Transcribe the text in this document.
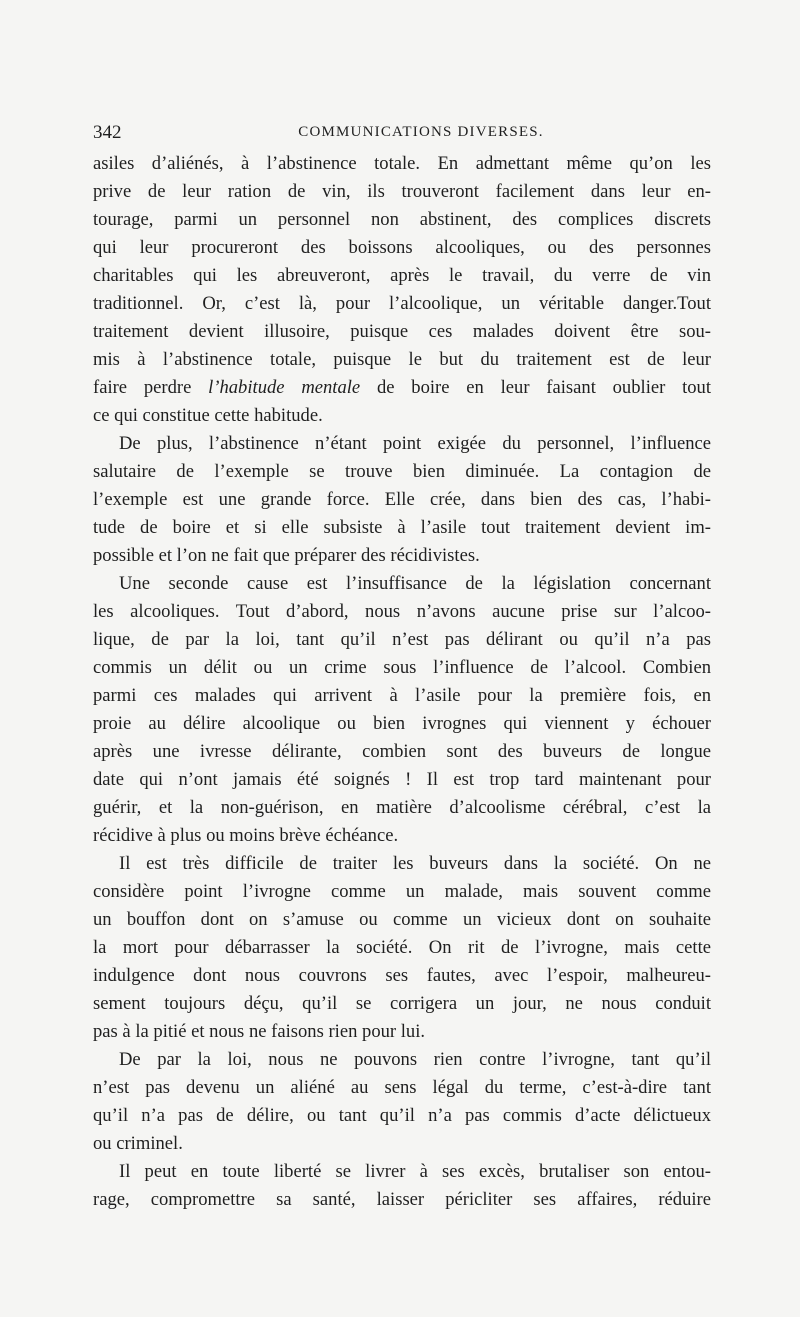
342	COMMUNICATIONS DIVERSES.
asiles d’aliénés, à l’abstinence totale. En admettant même qu’on les
prive de leur ration de vin, ils trouveront facilement dans leur en-
tourage, parmi un personnel non abstinent, des complices discrets
qui leur procureront des boissons alcooliques, ou des personnes
charitables qui les abreuveront, après le travail, du verre de vin
traditionnel. Or, c’est là, pour l’alcoolique, un véritable danger.Tout
traitement devient illusoire, puisque ces malades doivent être sou-
mis à l’abstinence totale, puisque le but du traitement est de leur
faire perdre l’habitude mentale de boire en leur faisant oublier tout
ce qui constitue cette habitude.
De plus, l’abstinence n’étant point exigée du personnel, l’influence
salutaire de l’exemple se trouve bien diminuée. La contagion de
l’exemple est une grande force. Elle crée, dans bien des cas, l’habi-
tude de boire et si elle subsiste à l’asile tout traitement devient im-
possible et l’on ne fait que préparer des récidivistes.
Une seconde cause est l’insuffisance de la législation concernant
les alcooliques. Tout d’abord, nous n’avons aucune prise sur l’alcoo-
lique, de par la loi, tant qu’il n’est pas délirant ou qu’il n’a pas
commis un délit ou un crime sous l’influence de l’alcool. Combien
parmi ces malades qui arrivent à l’asile pour la première fois, en
proie au délire alcoolique ou bien ivrognes qui viennent y échouer
après une ivresse délirante, combien sont des buveurs de longue
date qui n’ont jamais été soignés ! Il est trop tard maintenant pour
guérir, et la non-guérison, en matière d’alcoolisme cérébral, c’est la
récidive à plus ou moins brève échéance.
Il est très difficile de traiter les buveurs dans la société. On ne
considère point l’ivrogne comme un malade, mais souvent comme
un bouffon dont on s’amuse ou comme un vicieux dont on souhaite
la mort pour débarrasser la société. On rit de l’ivrogne, mais cette
indulgence dont nous couvrons ses fautes, avec l’espoir, malheureu-
sement toujours déçu, qu’il se corrigera un jour, ne nous conduit
pas à la pitié et nous ne faisons rien pour lui.
De par la loi, nous ne pouvons rien contre l’ivrogne, tant qu’il
n’est pas devenu un aliéné au sens légal du terme, c’est-à-dire tant
qu’il n’a pas de délire, ou tant qu’il n’a pas commis d’acte délictueux
ou criminel.
Il peut en toute liberté se livrer à ses excès, brutaliser son entou-
rage, compromettre sa santé, laisser péricliter ses affaires, réduire
